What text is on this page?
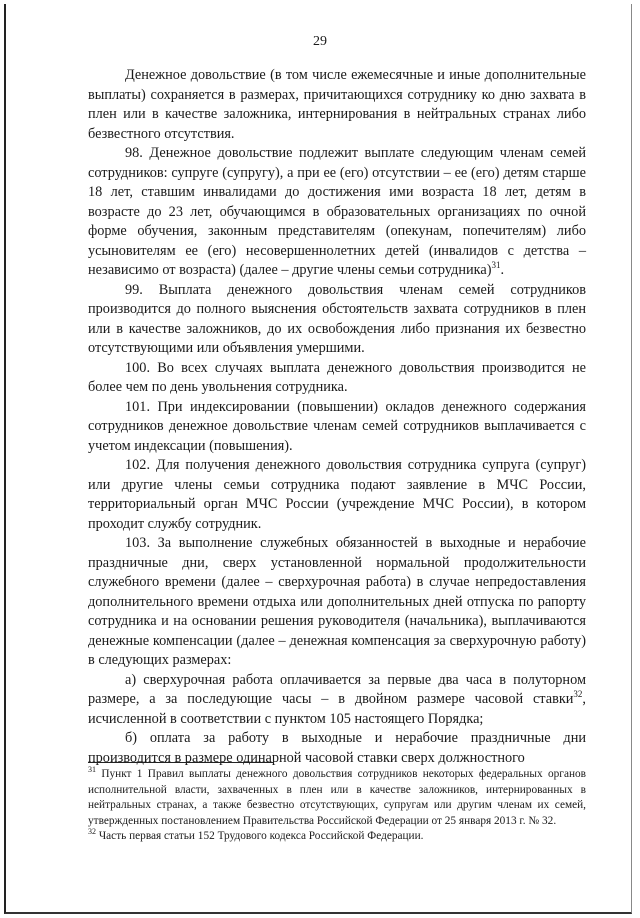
29

Денежное довольствие (в том числе ежемесячные и иные дополнительные выплаты) сохраняется в размерах, причитающихся сотруднику ко дню захвата в плен или в качестве заложника, интернирования в нейтральных странах либо безвестного отсутствия.

98. Денежное довольствие подлежит выплате следующим членам семей сотрудников: супруге (супругу), а при ее (его) отсутствии – ее (его) детям старше 18 лет, ставшим инвалидами до достижения ими возраста 18 лет, детям в возрасте до 23 лет, обучающимся в образовательных организациях по очной форме обучения, законным представителям (опекунам, попечителям) либо усыновителям ее (его) несовершеннолетних детей (инвалидов с детства – независимо от возраста) (далее – другие члены семьи сотрудника)$^{31}$.

99. Выплата денежного довольствия членам семей сотрудников производится до полного выяснения обстоятельств захвата сотрудников в плен или в качестве заложников, до их освобождения либо признания их безвестно отсутствующими или объявления умершими.

100. Во всех случаях выплата денежного довольствия производится не более чем по день увольнения сотрудника.

101. При индексировании (повышении) окладов денежного содержания сотрудников денежное довольствие членам семей сотрудников выплачивается с учетом индексации (повышения).

102. Для получения денежного довольствия сотрудника супруга (супруг) или другие члены семьи сотрудника подают заявление в МЧС России, территориальный орган МЧС России (учреждение МЧС России), в котором проходит службу сотрудник.

103. За выполнение служебных обязанностей в выходные и нерабочие праздничные дни, сверх установленной нормальной продолжительности служебного времени (далее – сверхурочная работа) в случае непредоставления дополнительного времени отдыха или дополнительных дней отпуска по рапорту сотрудника и на основании решения руководителя (начальника), выплачиваются денежные компенсации (далее – денежная компенсация за сверхурочную работу) в следующих размерах:

а) сверхурочная работа оплачивается за первые два часа в полуторном размере, а за последующие часы – в двойном размере часовой ставки$^{32}$, исчисленной в соответствии с пунктом 105 настоящего Порядка;

б) оплата за работу в выходные и нерабочие праздничные дни производится в размере одинарной часовой ставки сверх должностного

$^{31}$ Пункт 1 Правил выплаты денежного довольствия сотрудников некоторых федеральных органов исполнительной власти, захваченных в плен или в качестве заложников, интернированных в нейтральных странах, а также безвестно отсутствующих, супругам или другим членам их семей, утвержденных постановлением Правительства Российской Федерации от 25 января 2013 г. № 32.

$^{32}$ Часть первая статьи 152 Трудового кодекса Российской Федерации.
